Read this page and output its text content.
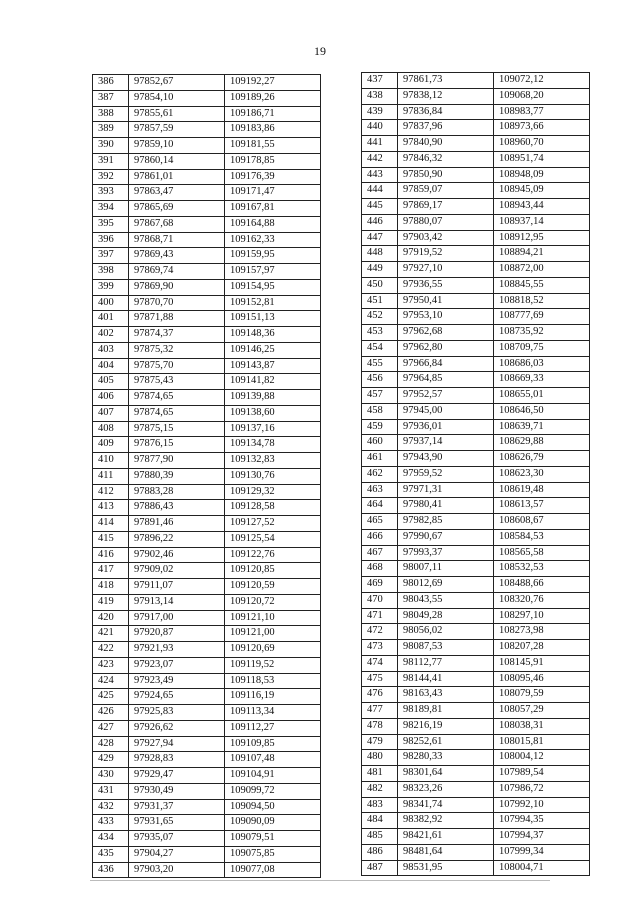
19
386	97852,67	109192,27
387	97854,10	109189,26
388	97855,61	109186,71
389	97857,59	109183,86
390	97859,10	109181,55
391	97860,14	109178,85
392	97861,01	109176,39
393	97863,47	109171,47
394	97865,69	109167,81
395	97867,68	109164,88
396	97868,71	109162,33
397	97869,43	109159,95
398	97869,74	109157,97
399	97869,90	109154,95
400	97870,70	109152,81
401	97871,88	109151,13
402	97874,37	109148,36
403	97875,32	109146,25
404	97875,70	109143,87
405	97875,43	109141,82
406	97874,65	109139,88
407	97874,65	109138,60
408	97875,15	109137,16
409	97876,15	109134,78
410	97877,90	109132,83
411	97880,39	109130,76
412	97883,28	109129,32
413	97886,43	109128,58
414	97891,46	109127,52
415	97896,22	109125,54
416	97902,46	109122,76
417	97909,02	109120,85
418	97911,07	109120,59
419	97913,14	109120,72
420	97917,00	109121,10
421	97920,87	109121,00
422	97921,93	109120,69
423	97923,07	109119,52
424	97923,49	109118,53
425	97924,65	109116,19
426	97925,83	109113,34
427	97926,62	109112,27
428	97927,94	109109,85
429	97928,83	109107,48
430	97929,47	109104,91
431	97930,49	109099,72
432	97931,37	109094,50
433	97931,65	109090,09
434	97935,07	109079,51
435	97904,27	109075,85
436	97903,20	109077,08
437	97861,73	109072,12
438	97838,12	109068,20
439	97836,84	108983,77
440	97837,96	108973,66
441	97840,90	108960,70
442	97846,32	108951,74
443	97850,90	108948,09
444	97859,07	108945,09
445	97869,17	108943,44
446	97880,07	108937,14
447	97903,42	108912,95
448	97919,52	108894,21
449	97927,10	108872,00
450	97936,55	108845,55
451	97950,41	108818,52
452	97953,10	108777,69
453	97962,68	108735,92
454	97962,80	108709,75
455	97966,84	108686,03
456	97964,85	108669,33
457	97952,57	108655,01
458	97945,00	108646,50
459	97936,01	108639,71
460	97937,14	108629,88
461	97943,90	108626,79
462	97959,52	108623,30
463	97971,31	108619,48
464	97980,41	108613,57
465	97982,85	108608,67
466	97990,67	108584,53
467	97993,37	108565,58
468	98007,11	108532,53
469	98012,69	108488,66
470	98043,55	108320,76
471	98049,28	108297,10
472	98056,02	108273,98
473	98087,53	108207,28
474	98112,77	108145,91
475	98144,41	108095,46
476	98163,43	108079,59
477	98189,81	108057,29
478	98216,19	108038,31
479	98252,61	108015,81
480	98280,33	108004,12
481	98301,64	107989,54
482	98323,26	107986,72
483	98341,74	107992,10
484	98382,92	107994,35
485	98421,61	107994,37
486	98481,64	107999,34
487	98531,95	108004,71
